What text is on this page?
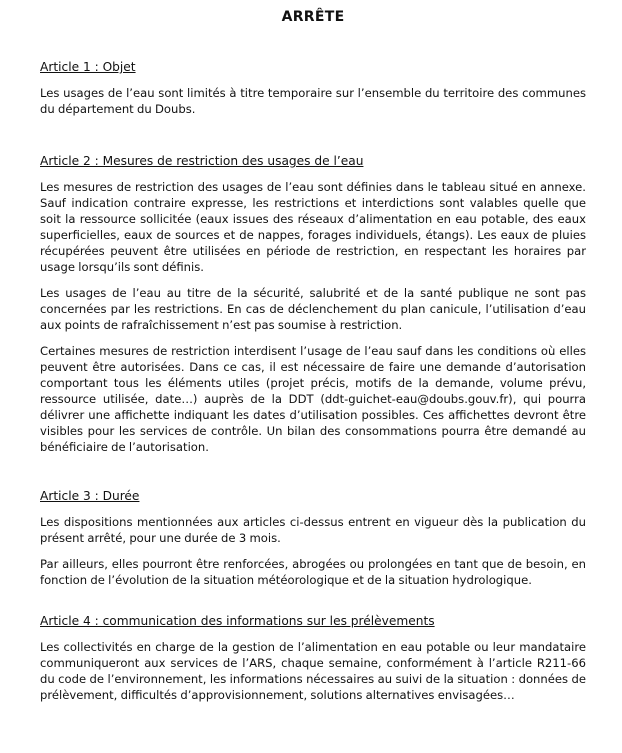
ARRÊTE
Article 1 : Objet

Les usages de l’eau sont limités à titre temporaire sur l’ensemble du territoire des communes du département du Doubs.

Article 2 : Mesures de restriction des usages de l’eau

Les mesures de restriction des usages de l’eau sont définies dans le tableau situé en annexe. Sauf indication contraire expresse, les restrictions et interdictions sont valables quelle que soit la ressource sollicitée (eaux issues des réseaux d’alimentation en eau potable, des eaux superficielles, eaux de sources et de nappes, forages individuels, étangs). Les eaux de pluies récupérées peuvent être utilisées en période de restriction, en respectant les horaires par usage lorsqu’ils sont définis.

Les usages de l’eau au titre de la sécurité, salubrité et de la santé publique ne sont pas concernées par les restrictions. En cas de déclenchement du plan canicule, l’utilisation d’eau aux points de rafraîchissement n’est pas soumise à restriction.

Certaines mesures de restriction interdisent l’usage de l’eau sauf dans les conditions où elles peuvent être autorisées. Dans ce cas, il est nécessaire de faire une demande d’autorisation comportant tous les éléments utiles (projet précis, motifs de la demande, volume prévu, ressource utilisée, date…) auprès de la DDT (ddt-guichet-eau@doubs.gouv.fr), qui pourra délivrer une affichette indiquant les dates d’utilisation possibles. Ces affichettes devront être visibles pour les services de contrôle. Un bilan des consommations pourra être demandé au bénéficiaire de l’autorisation.

Article 3 : Durée

Les dispositions mentionnées aux articles ci-dessus entrent en vigueur dès la publication du présent arrêté, pour une durée de 3 mois.

Par ailleurs, elles pourront être renforcées, abrogées ou prolongées en tant que de besoin, en fonction de l’évolution de la situation météorologique et de la situation hydrologique.

Article 4 : communication des informations sur les prélèvements

Les collectivités en charge de la gestion de l’alimentation en eau potable ou leur mandataire communiqueront aux services de l’ARS, chaque semaine, conformément à l’article R211-66 du code de l’environnement, les informations nécessaires au suivi de la situation : données de prélèvement, difficultés d’approvisionnement, solutions alternatives envisagées…
